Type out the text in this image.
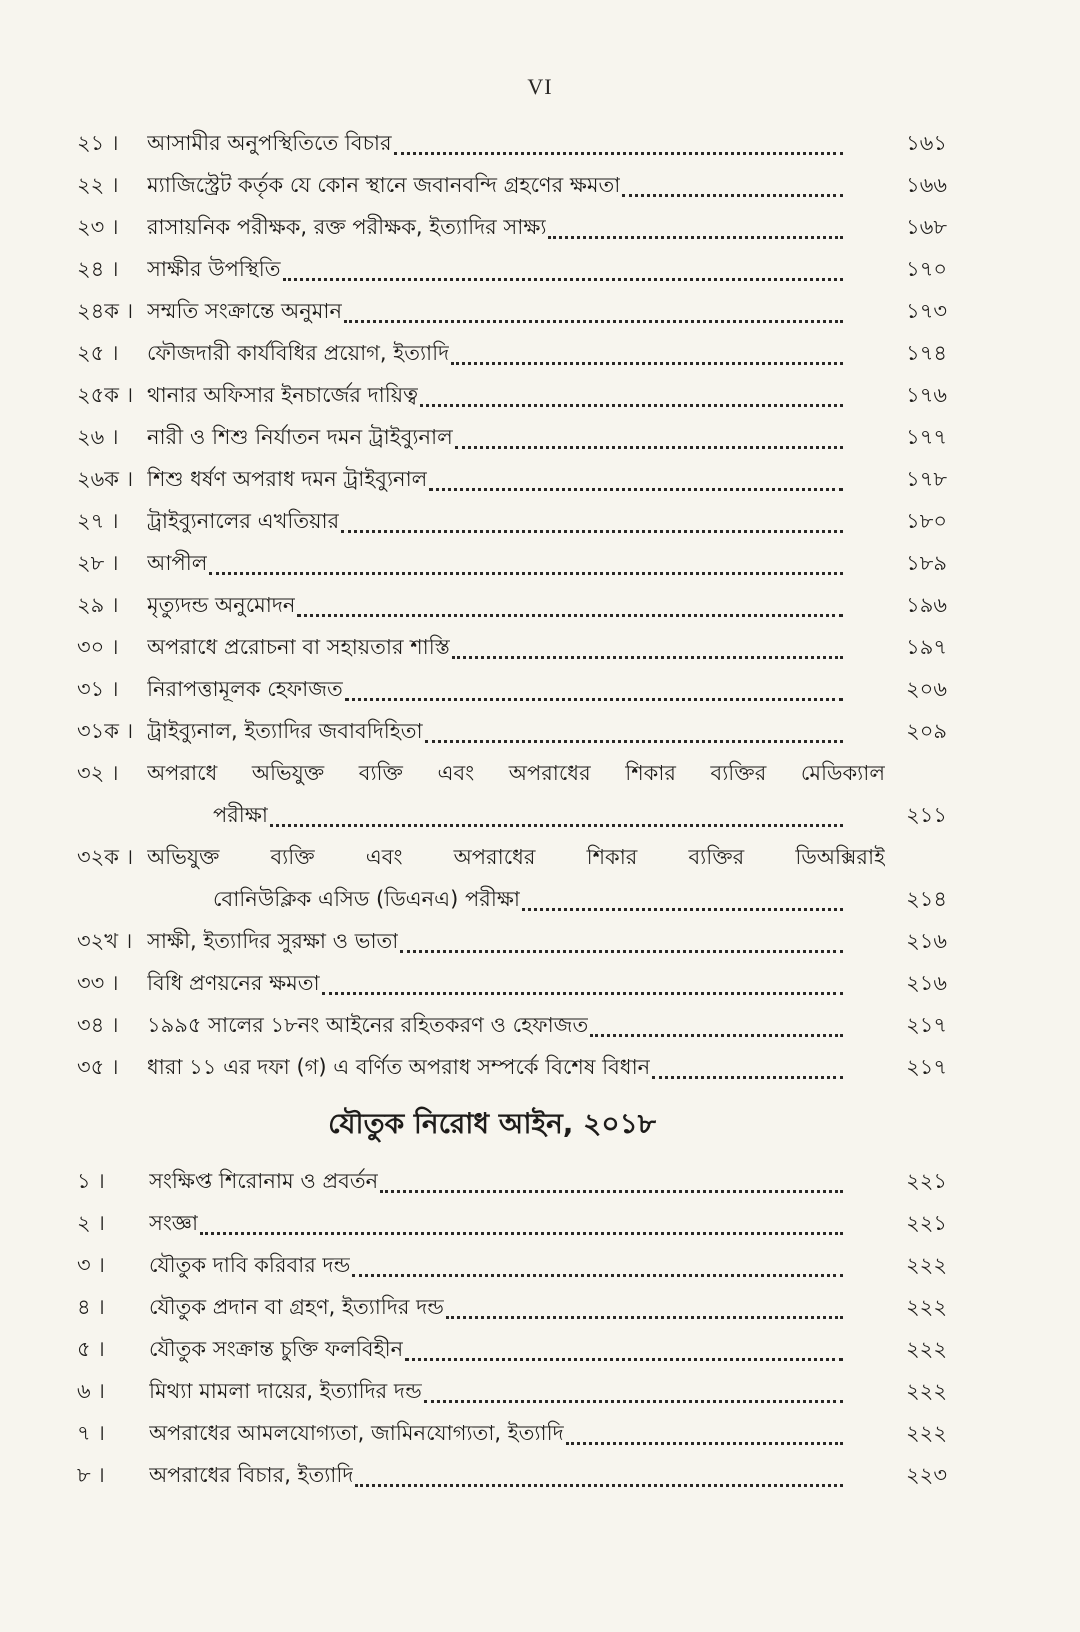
VI
২১ ।	আসামীর অনুপস্থিতিতে বিচার	১৬১
২২ ।	ম্যাজিস্ট্রেট কর্তৃক যে কোন স্থানে জবানবন্দি গ্রহণের ক্ষমতা	১৬৬
২৩ ।	রাসায়নিক পরীক্ষক, রক্ত পরীক্ষক, ইত্যাদির সাক্ষ্য	১৬৮
২৪ ।	সাক্ষীর উপস্থিতি	১৭০
২৪ক । সম্মতি সংক্রান্তে অনুমান	১৭৩
২৫ ।	ফৌজদারী কার্যবিধির প্রয়োগ, ইত্যাদি	১৭৪
২৫ক । থানার অফিসার ইনচার্জের দায়িত্ব	১৭৬
২৬ ।	নারী ও শিশু নির্যাতন দমন ট্রাইব্যুনাল	১৭৭
২৬ক । শিশু ধর্ষণ অপরাধ দমন ট্রাইব্যুনাল	১৭৮
২৭ ।	ট্রাইব্যুনালের এখতিয়ার	১৮০
২৮ ।	আপীল	১৮৯
২৯ ।	মৃত্যুদন্ড অনুমোদন	১৯৬
৩০ ।	অপরাধে প্ররোচনা বা সহায়তার শাস্তি	১৯৭
৩১ ।	নিরাপত্তামূলক হেফাজত	২০৬
৩১ক । ট্রাইব্যুনাল, ইত্যাদির জবাবদিহিতা	২০৯
৩২ ।	অপরাধে অভিযুক্ত ব্যক্তি এবং অপরাধের শিকার ব্যক্তির মেডিক্যাল
পরীক্ষা	২১১
৩২ক । অভিযুক্ত ব্যক্তি এবং অপরাধের শিকার ব্যক্তির ডিঅক্সিরাই
বোনিউক্লিক এসিড (ডিএনএ) পরীক্ষা	২১৪
৩২খ । সাক্ষী, ইত্যাদির সুরক্ষা ও ভাতা	২১৬
৩৩ ।	বিধি প্রণয়নের ক্ষমতা	২১৬
৩৪ ।	১৯৯৫ সালের ১৮নং আইনের রহিতকরণ ও হেফাজত	২১৭
৩৫ ।	ধারা ১১ এর দফা (গ) এ বর্ণিত অপরাধ সম্পর্কে বিশেষ বিধান	২১৭
যৌতুক নিরোধ আইন, ২০১৮
১ ।	সংক্ষিপ্ত শিরোনাম ও প্রবর্তন	২২১
২ ।	সংজ্ঞা	২২১
৩ ।	যৌতুক দাবি করিবার দন্ড	২২২
৪ ।	যৌতুক প্রদান বা গ্রহণ, ইত্যাদির দন্ড	২২২
৫ ।	যৌতুক সংক্রান্ত চুক্তি ফলবিহীন	২২২
৬ ।	মিথ্যা মামলা দায়ের, ইত্যাদির দন্ড	২২২
৭ ।	অপরাধের আমলযোগ্যতা, জামিনযোগ্যতা, ইত্যাদি	২২২
৮ ।	অপরাধের বিচার, ইত্যাদি	২২৩
